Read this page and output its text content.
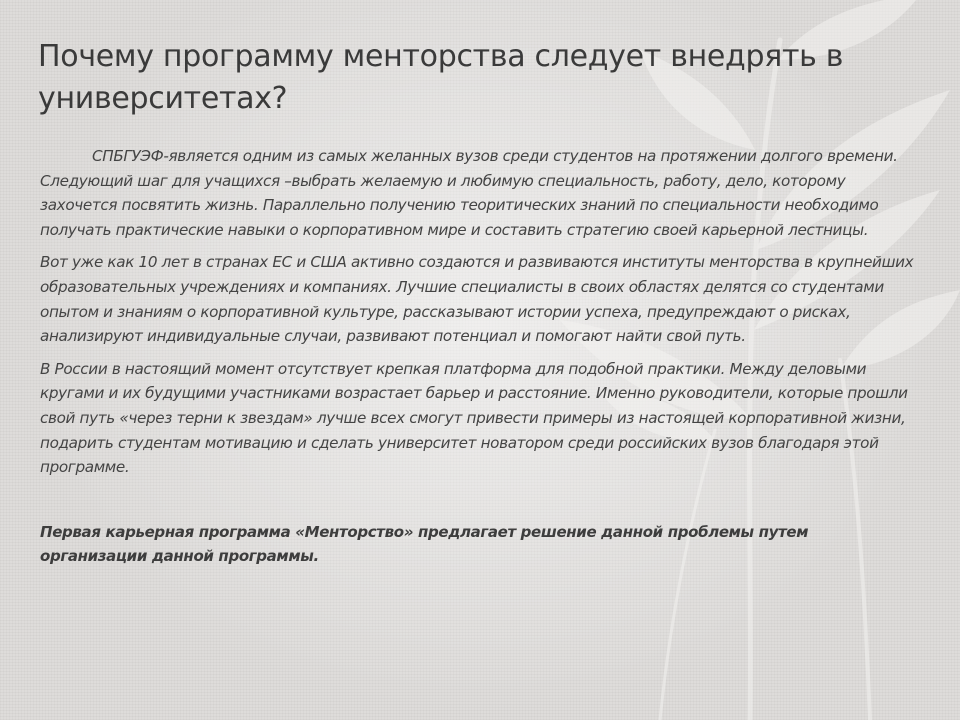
Почему программу менторства следует внедрять в университетах?

СПБГУЭФ-является одним из самых желанных вузов среди студентов на протяжении долгого времени. Следующий шаг для учащихся –выбрать желаемую и любимую специальность, работу, дело, которому захочется посвятить жизнь. Параллельно получению теоритических знаний по специальности необходимо получать практические навыки о корпоративном мире и составить стратегию своей карьерной лестницы.

Вот уже как 10 лет в странах ЕС и США активно создаются и развиваются институты менторства в крупнейших образовательных учреждениях и компаниях. Лучшие специалисты в своих областях делятся со студентами опытом и знаниям о корпоративной культуре, рассказывают истории успеха, предупреждают о рисках, анализируют индивидуальные случаи, развивают потенциал и помогают найти свой путь.

В России в настоящий момент отсутствует крепкая платформа для подобной практики. Между деловыми кругами и их будущими участниками возрастает барьер и расстояние. Именно руководители, которые прошли свой путь «через терни к звездам» лучше всех смогут привести примеры из настоящей корпоративной жизни, подарить студентам мотивацию и сделать университет новатором среди российских вузов благодаря этой программе.

Первая карьерная программа «Менторство» предлагает решение данной проблемы путем организации данной программы.
